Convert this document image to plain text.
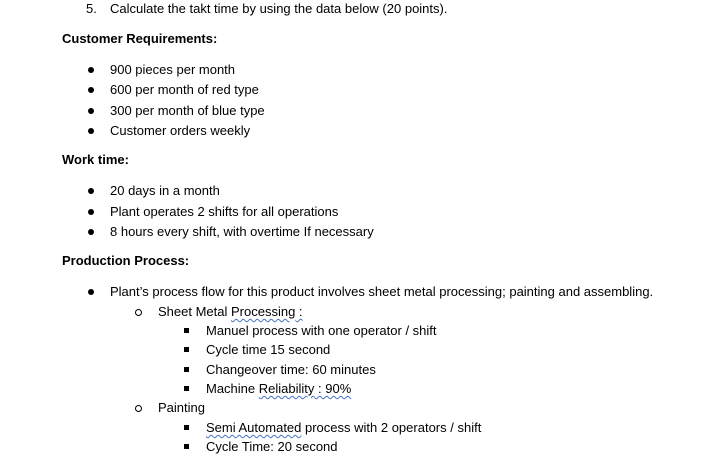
5. Calculate the takt time by using the data below (20 points).
Customer Requirements:
900 pieces per month
600 per month of red type
300 per month of blue type
Customer orders weekly
Work time:
20 days in a month
Plant operates 2 shifts for all operations
8 hours every shift, with overtime If necessary
Production Process:
Plant’s process flow for this product involves sheet metal processing; painting and assembling.
Sheet Metal Processing :
Manuel process with one operator / shift
Cycle time 15 second
Changeover time: 60 minutes
Machine Reliability : 90%
Painting
Semi Automated process with 2 operators / shift
Cycle Time: 20 second
